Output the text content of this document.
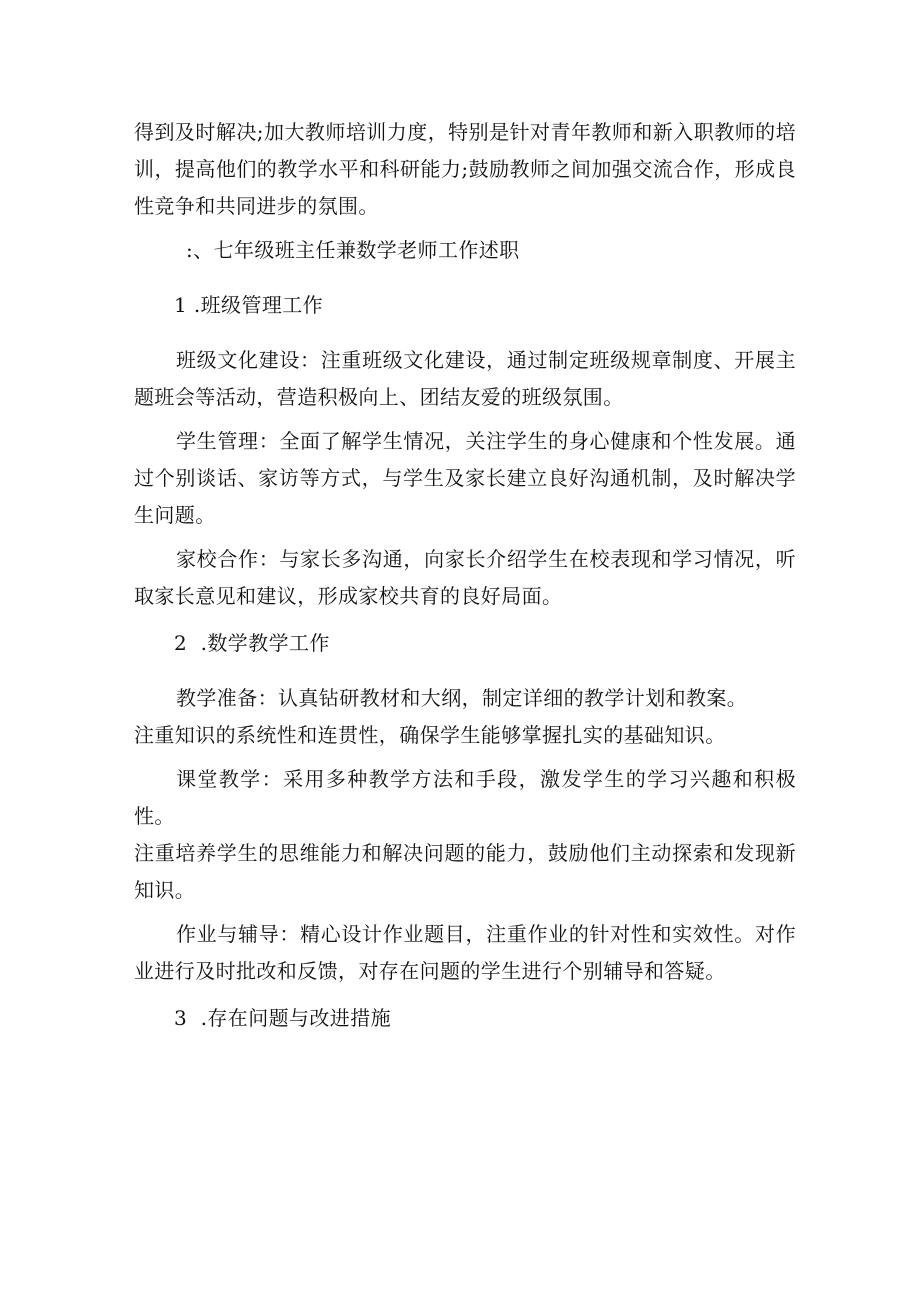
得到及时解决;加大教师培训力度，特别是针对青年教师和新入职教师的培训，提高他们的教学水平和科研能力;鼓励教师之间加强交流合作，形成良性竞争和共同进步的氛围。

:、七年级班主任兼数学老师工作述职

1 .班级管理工作

班级文化建设：注重班级文化建设，通过制定班级规章制度、开展主题班会等活动，营造积极向上、团结友爱的班级氛围。

学生管理：全面了解学生情况，关注学生的身心健康和个性发展。通过个别谈话、家访等方式，与学生及家长建立良好沟通机制，及时解决学生问题。

家校合作：与家长多沟通，向家长介绍学生在校表现和学习情况，听取家长意见和建议，形成家校共育的良好局面。

2  .数学教学工作

教学准备：认真钻研教材和大纲，制定详细的教学计划和教案。

注重知识的系统性和连贯性，确保学生能够掌握扎实的基础知识。

课堂教学：采用多种教学方法和手段，激发学生的学习兴趣和积极性。

注重培养学生的思维能力和解决问题的能力，鼓励他们主动探索和发现新知识。

作业与辅导：精心设计作业题目，注重作业的针对性和实效性。对作业进行及时批改和反馈，对存在问题的学生进行个别辅导和答疑。

3  .存在问题与改进措施
